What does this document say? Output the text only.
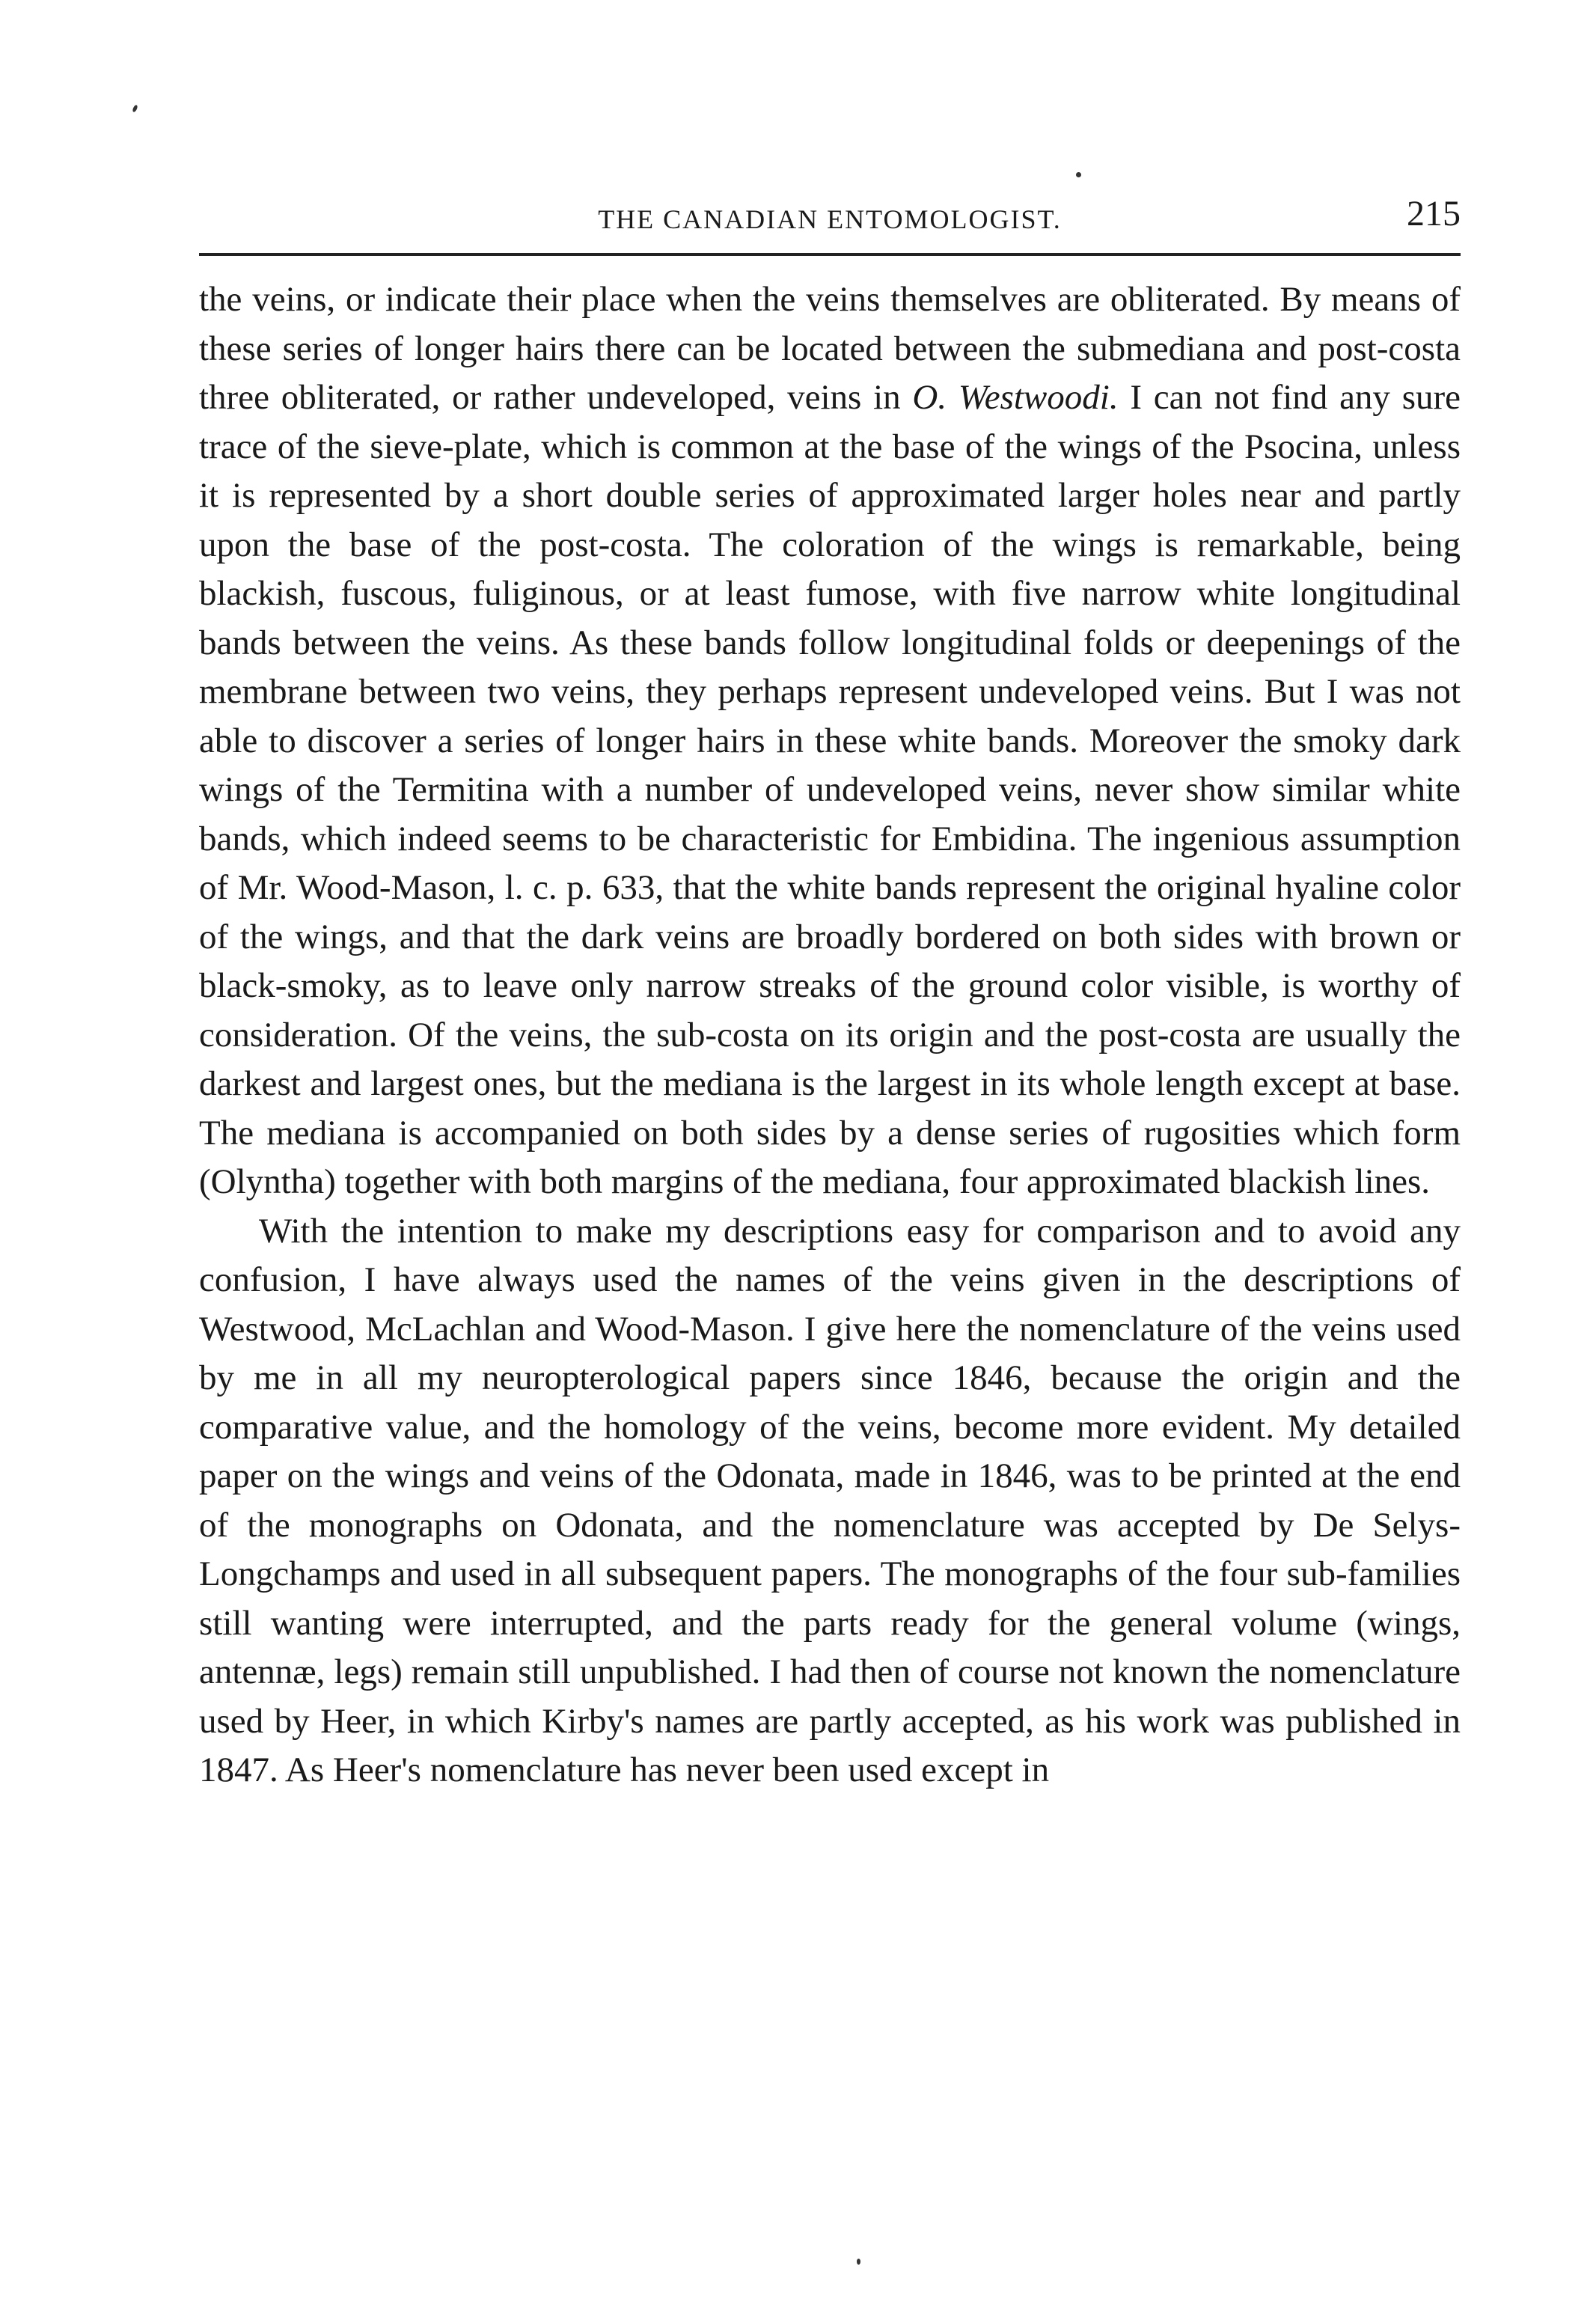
THE CANADIAN ENTOMOLOGIST.	215

the veins, or indicate their place when the veins themselves are obliterated. By means of these series of longer hairs there can be located between the submediana and post-costa three obliterated, or rather undeveloped, veins in O. Westwoodi. I can not find any sure trace of the sieve-plate, which is common at the base of the wings of the Psocina, unless it is represented by a short double series of approximated larger holes near and partly upon the base of the post-costa. The coloration of the wings is remarkable, being blackish, fuscous, fuliginous, or at least fumose, with five narrow white longitudinal bands between the veins. As these bands follow longitudinal folds or deepenings of the membrane between two veins, they perhaps represent undeveloped veins. But I was not able to discover a series of longer hairs in these white bands. Moreover the smoky dark wings of the Termitina with a number of undeveloped veins, never show similar white bands, which indeed seems to be characteristic for Embidina. The ingenious assumption of Mr. Wood-Mason, l. c. p. 633, that the white bands represent the original hyaline color of the wings, and that the dark veins are broadly bordered on both sides with brown or black-smoky, as to leave only narrow streaks of the ground color visible, is worthy of consideration. Of the veins, the sub-costa on its origin and the post-costa are usually the darkest and largest ones, but the mediana is the largest in its whole length except at base. The mediana is accompanied on both sides by a dense series of rugosities which form (Olyntha) together with both margins of the mediana, four approximated blackish lines.

With the intention to make my descriptions easy for comparison and to avoid any confusion, I have always used the names of the veins given in the descriptions of Westwood, McLachlan and Wood-Mason. I give here the nomenclature of the veins used by me in all my neuropterological papers since 1846, because the origin and the comparative value, and the homology of the veins, become more evident. My detailed paper on the wings and veins of the Odonata, made in 1846, was to be printed at the end of the monographs on Odonata, and the nomenclature was accepted by De Selys-Longchamps and used in all subsequent papers. The monographs of the four sub-families still wanting were interrupted, and the parts ready for the general volume (wings, antennæ, legs) remain still unpublished. I had then of course not known the nomenclature used by Heer, in which Kirby's names are partly accepted, as his work was published in 1847. As Heer's nomenclature has never been used except in
